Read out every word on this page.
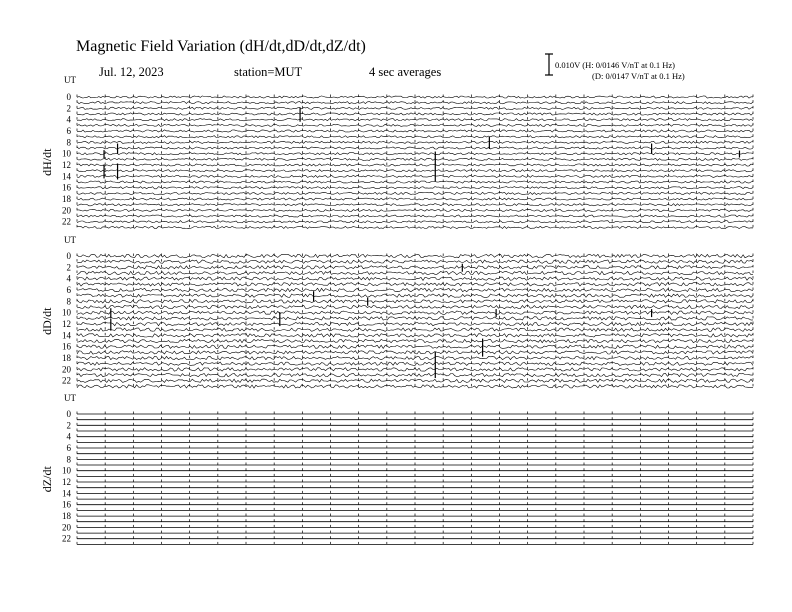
Magnetic Field Variation (dH/dt,dD/dt,dZ/dt)
Jul. 12, 2023	station=MUT	4 sec averages	0.010V (H: 0/0146 V/nT at 0.1 Hz)
(D: 0/0147 V/nT at 0.1 Hz)
UT
dH/dt
0
2
4
6
8
10
12
14
16
18
20
22
UT
dD/dt
0
2
4
6
8
10
12
14
16
18
20
22
UT
dZ/dt
0
2
4
6
8
10
12
14
16
18
20
22
